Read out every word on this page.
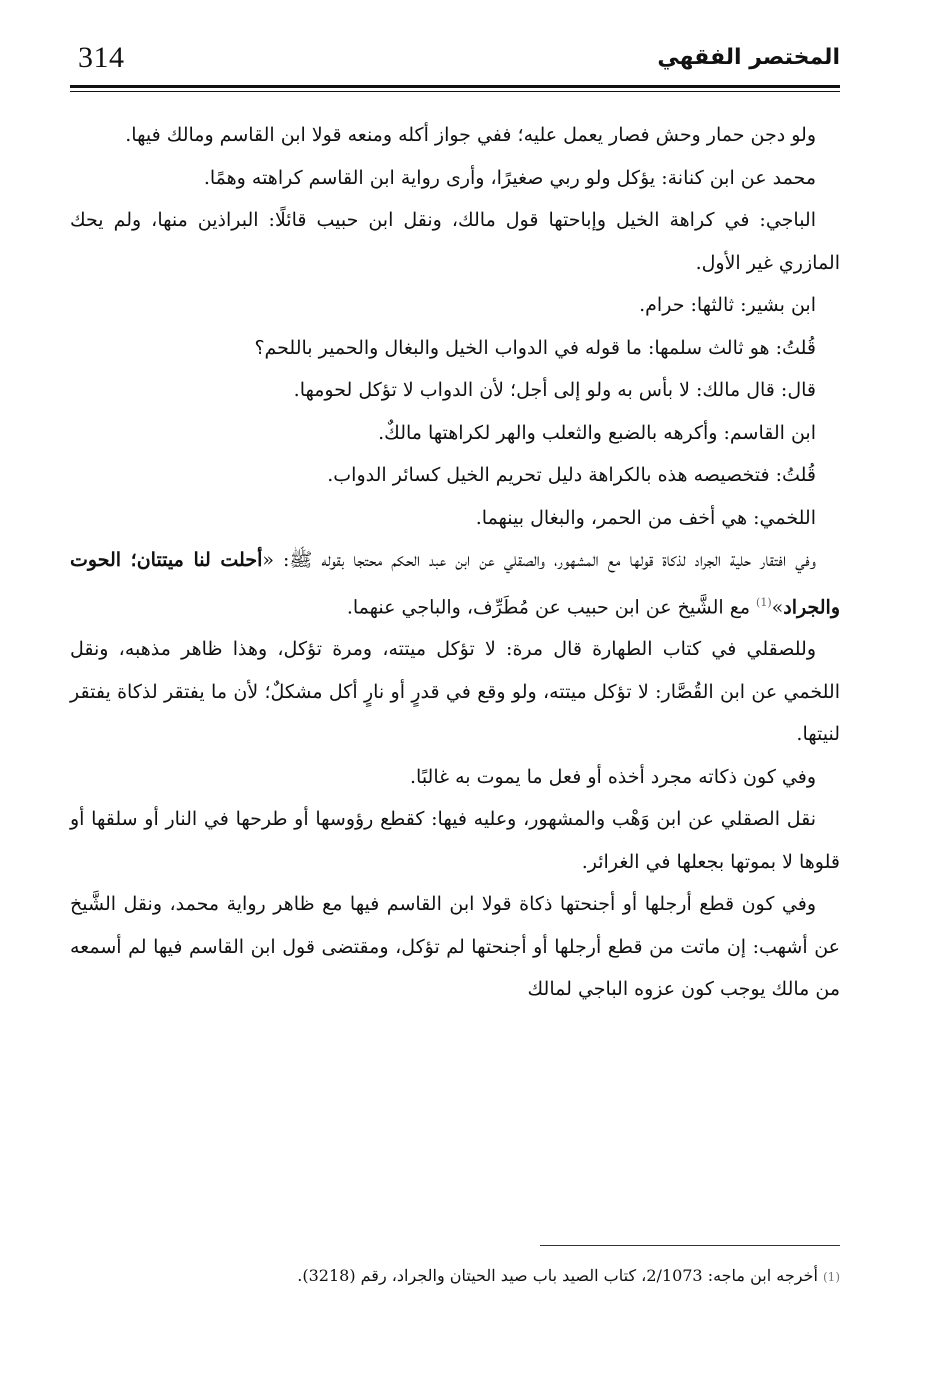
314	المختصر الفقهي

ولو دجن حمار وحش فصار يعمل عليه؛ ففي جواز أكله ومنعه قولا ابن القاسم ومالك فيها.

محمد عن ابن كنانة: يؤكل ولو ربي صغيرًا، وأرى رواية ابن القاسم كراهته وهمًا.

الباجي: في كراهة الخيل وإباحتها قول مالك، ونقل ابن حبيب قائلًا: البراذين منها، ولم يحك المازري غير الأول.

ابن بشير: ثالثها: حرام.

قُلتُ: هو ثالث سلمها: ما قوله في الدواب الخيل والبغال والحمير باللحم؟

قال: قال مالك: لا بأس به ولو إلى أجل؛ لأن الدواب لا تؤكل لحومها.

ابن القاسم: وأكرهه بالضبع والثعلب والهر لكراهتها مالكٌ.

قُلتُ: فتخصيصه هذه بالكراهة دليل تحريم الخيل كسائر الدواب.

اللخمي: هي أخف من الحمر، والبغال بينهما.

وفي افتقار حلية الجراد لذكاة قولها مع المشهور، والصقلي عن ابن عبد الحكم محتجا بقوله ﷺ: «أحلت لنا ميتتان؛ الحوت والجراد»$^{(1)}$ مع الشَّيخ عن ابن حبيب عن مُطَرِّف، والباجي عنهما.

وللصقلي في كتاب الطهارة قال مرة: لا تؤكل ميتته، ومرة تؤكل، وهذا ظاهر مذهبه، ونقل اللخمي عن ابن القُصَّار: لا تؤكل ميتته، ولو وقع في قدرٍ أو نارٍ أكل مشكلٌ؛ لأن ما يفتقر لذكاة يفتقر لنيتها.

وفي كون ذكاته مجرد أخذه أو فعل ما يموت به غالبًا.

نقل الصقلي عن ابن وَهْب والمشهور، وعليه فيها: كقطع رؤوسها أو طرحها في النار أو سلقها أو قلوها لا بموتها بجعلها في الغرائر.

وفي كون قطع أرجلها أو أجنحتها ذكاة قولا ابن القاسم فيها مع ظاهر رواية محمد، ونقل الشَّيخ عن أشهب: إن ماتت من قطع أرجلها أو أجنحتها لم تؤكل، ومقتضى قول ابن القاسم فيها لم أسمعه من مالك يوجب كون عزوه الباجي لمالك

(1) أخرجه ابن ماجه: 2/1073، كتاب الصيد باب صيد الحيتان والجراد، رقم (3218).
